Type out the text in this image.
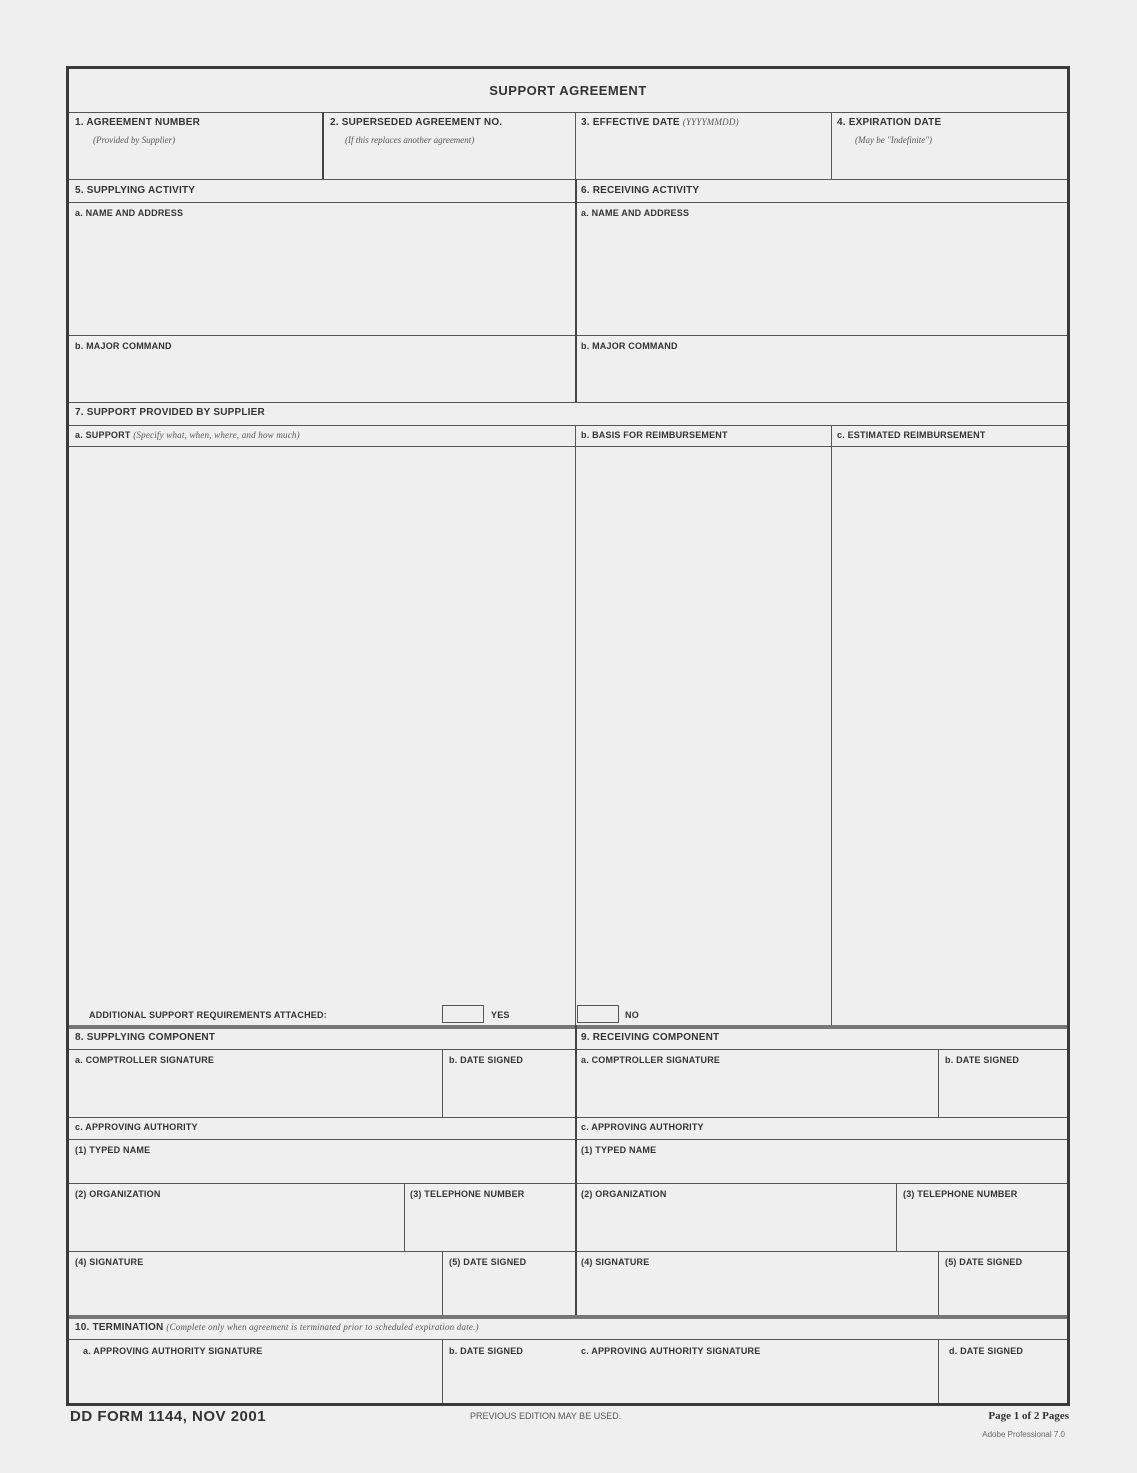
SUPPORT AGREEMENT
1. AGREEMENT NUMBER
(Provided by Supplier)
2. SUPERSEDED AGREEMENT NO.
(If this replaces another agreement)
3. EFFECTIVE DATE (YYYYMMDD)	4. EXPIRATION DATE
(May be "Indefinite")
5. SUPPLYING ACTIVITY	6. RECEIVING ACTIVITY
a. NAME AND ADDRESS	a. NAME AND ADDRESS
b. MAJOR COMMAND	b. MAJOR COMMAND
7. SUPPORT PROVIDED BY SUPPLIER
a. SUPPORT (Specify what, when, where, and how much)	b. BASIS FOR REIMBURSEMENT	c. ESTIMATED REIMBURSEMENT
ADDITIONAL SUPPORT REQUIREMENTS ATTACHED:	YES	NO
8. SUPPLYING COMPONENT	9. RECEIVING COMPONENT
a. COMPTROLLER SIGNATURE	b. DATE SIGNED	a. COMPTROLLER SIGNATURE	b. DATE SIGNED
c. APPROVING AUTHORITY	c. APPROVING AUTHORITY
(1) TYPED NAME	(1) TYPED NAME
(2) ORGANIZATION	(3) TELEPHONE NUMBER	(2) ORGANIZATION	(3) TELEPHONE NUMBER
(4) SIGNATURE	(5) DATE SIGNED	(4) SIGNATURE	(5) DATE SIGNED
10. TERMINATION (Complete only when agreement is terminated prior to scheduled expiration date.)
a. APPROVING AUTHORITY SIGNATURE	b. DATE SIGNED	c. APPROVING AUTHORITY SIGNATURE	d. DATE SIGNED
DD FORM 1144, NOV 2001	PREVIOUS EDITION MAY BE USED.	Page 1 of 2 Pages
Adobe Professional 7.0
